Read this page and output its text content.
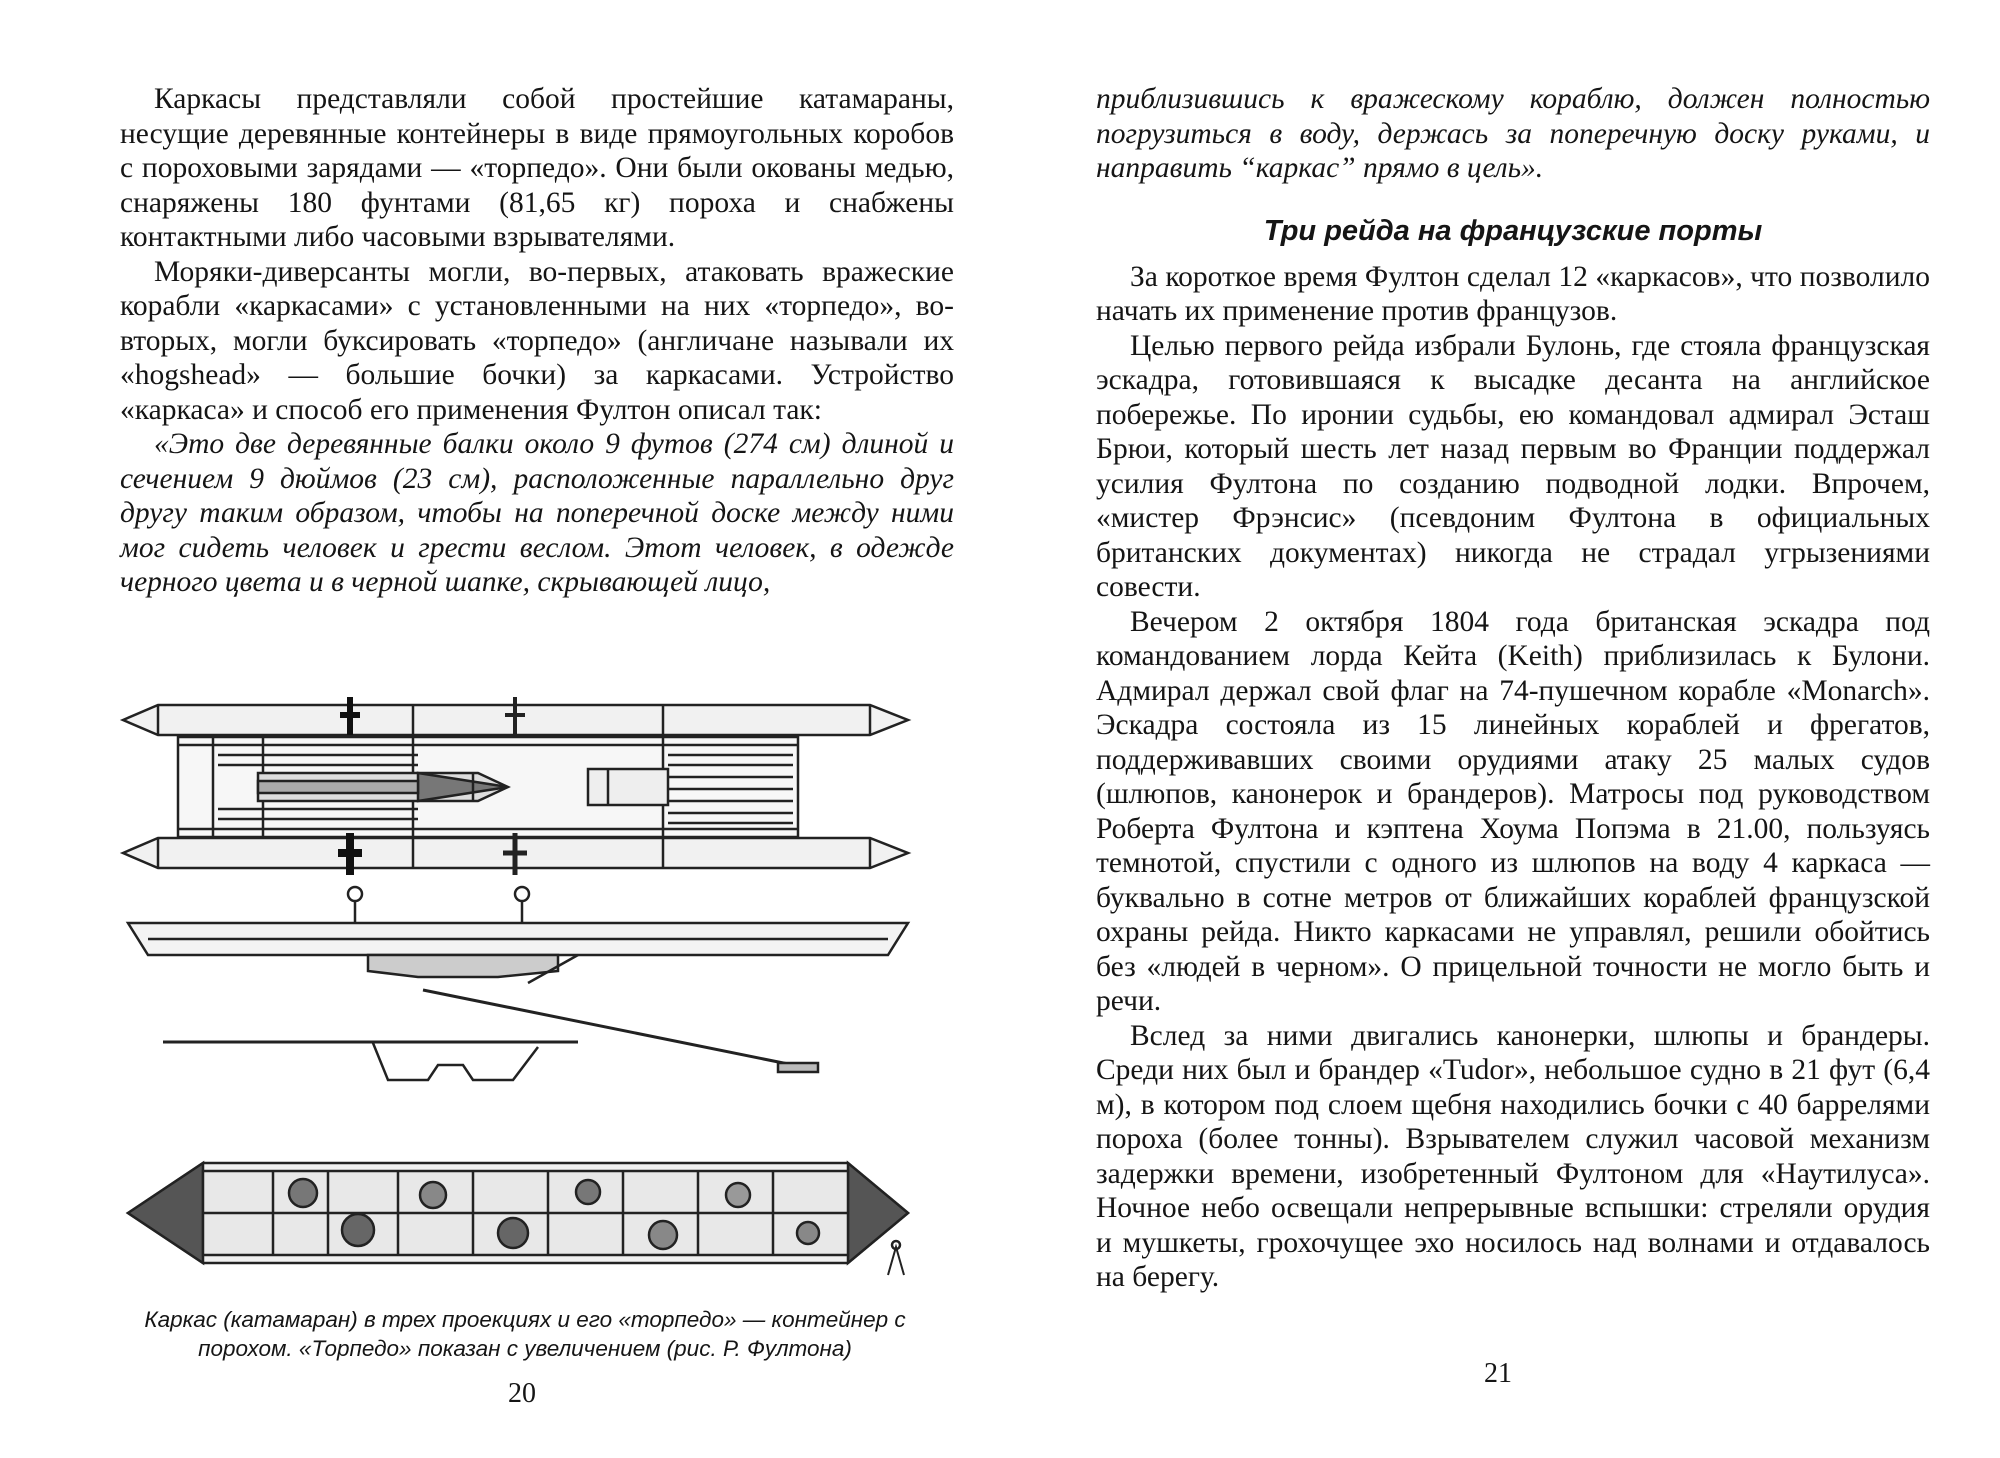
Каркасы представляли собой простейшие катамараны, несущие деревянные контейнеры в виде прямоугольных коробов с пороховыми зарядами — «торпедо». Они были окованы медью, снаряжены 180 фунтами (81,65 кг) пороха и снабжены контактными либо часовыми взрывателями.

Моряки-диверсанты могли, во-первых, атаковать вражеские корабли «каркасами» с установленными на них «торпедо», во-вторых, могли буксировать «торпедо» (англичане называли их «hogshead» — большие бочки) за каркасами. Устройство «каркаса» и способ его применения Фултон описал так:

«Это две деревянные балки около 9 футов (274 см) длиной и сечением 9 дюймов (23 см), расположенные параллельно друг другу таким образом, чтобы на поперечной доске между ними мог сидеть человек и грести веслом. Этот человек, в одежде черного цвета и в черной шапке, скрывающей лицо,

Каркас (катамаран) в трех проекциях и его «торпедо» — контейнер с порохом. «Торпедо» показан с увеличением (рис. Р. Фултона)
20

приблизившись к вражескому кораблю, должен полностью погрузиться в воду, держась за поперечную доску руками, и направить “каркас” прямо в цель».

Три рейда на французские порты

За короткое время Фултон сделал 12 «каркасов», что позволило начать их применение против французов.

Целью первого рейда избрали Булонь, где стояла французская эскадра, готовившаяся к высадке десанта на английское побережье. По иронии судьбы, ею командовал адмирал Эсташ Брюи, который шесть лет назад первым во Франции поддержал усилия Фултона по созданию подводной лодки. Впрочем, «мистер Фрэнсис» (псевдоним Фултона в официальных британских документах) никогда не страдал угрызениями совести.

Вечером 2 октября 1804 года британская эскадра под командованием лорда Кейта (Keith) приблизилась к Булони. Адмирал держал свой флаг на 74-пушечном корабле «Monarch». Эскадра состояла из 15 линейных кораблей и фрегатов, поддерживавших своими орудиями атаку 25 малых судов (шлюпов, канонерок и брандеров). Матросы под руководством Роберта Фултона и кэптена Хоума Попэма в 21.00, пользуясь темнотой, спустили с одного из шлюпов на воду 4 каркаса — буквально в сотне метров от ближайших кораблей французской охраны рейда. Никто каркасами не управлял, решили обойтись без «людей в черном». О прицельной точности не могло быть и речи.

Вслед за ними двигались канонерки, шлюпы и брандеры. Среди них был и брандер «Tudor», небольшое судно в 21 фут (6,4 м), в котором под слоем щебня находились бочки с 40 баррелями пороха (более тонны). Взрывателем служил часовой механизм задержки времени, изобретенный Фултоном для «Наутилуса». Ночное небо освещали непрерывные вспышки: стреляли орудия и мушкеты, грохочущее эхо носилось над волнами и отдавалось на берегу.

21
